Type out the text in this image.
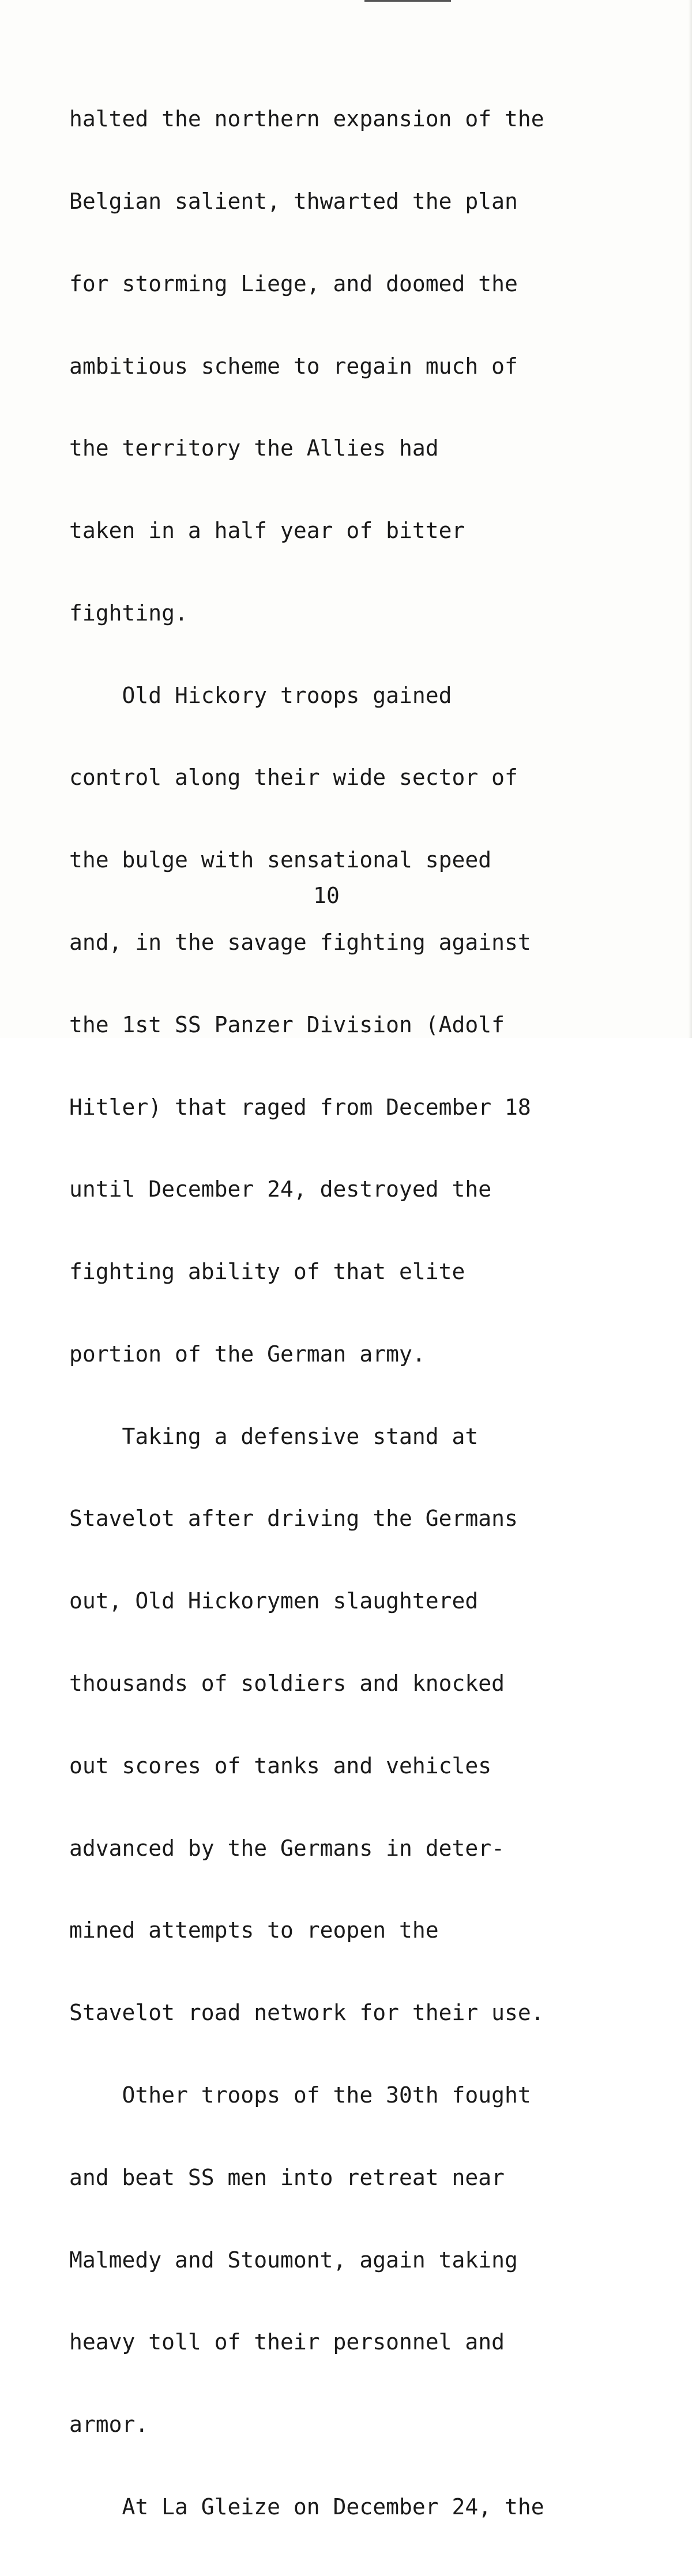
halted the northern expansion of the

Belgian salient, thwarted the plan

for storming Liege, and doomed the

ambitious scheme to regain much of

the territory the Allies had

taken in a half year of bitter

fighting.

Old Hickory troops gained

control along their wide sector of

the bulge with sensational speed

and, in the savage fighting against

the 1st SS Panzer Division (Adolf

Hitler) that raged from December 18

until December 24, destroyed the

fighting ability of that elite

portion of the German army.

Taking a defensive stand at

Stavelot after driving the Germans

out, Old Hickorymen slaughtered

thousands of soldiers and knocked

out scores of tanks and vehicles

advanced by the Germans in deter-

mined attempts to reopen the

Stavelot road network for their use.

Other troops of the 30th fought

and beat SS men into retreat near

Malmedy and Stoumont, again taking

heavy toll of their personnel and

armor.

At La Gleize on December 24, the

10
